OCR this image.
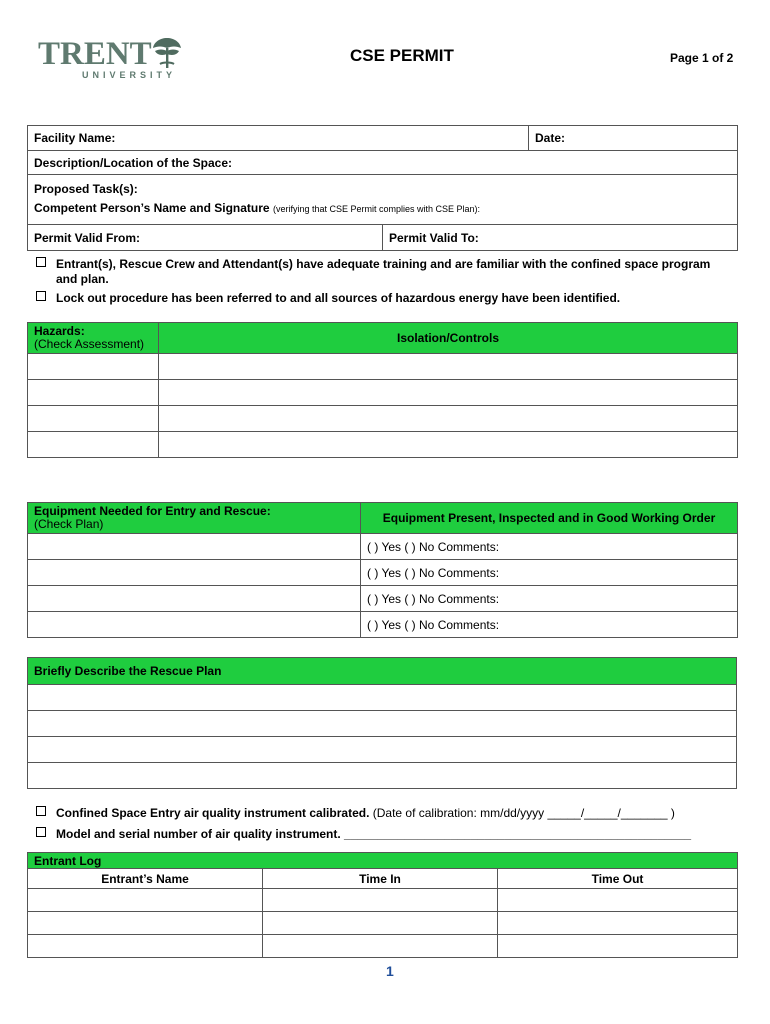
TRENT
UNIVERSITY
CSE PERMIT	Page 1 of 2
Facility Name:		Date:
Description/Location of the Space:		

Proposed Task(s):
Competent Person’s Name and Signature (verifying that CSE Permit complies with CSE Plan):		

Permit Valid From:	Permit Valid To:	
Entrant(s), Rescue Crew and Attendant(s) have adequate training and are familiar with the confined space program
and plan.
Lock out procedure has been referred to and all sources of hazardous energy have been identified.
Hazards:
(Check Assessment)	Isolation/Controls

Equipment Needed for Entry and Rescue:
(Check Plan)	Equipment Present, Inspected and in Good Working Order
	( ) Yes ( ) No Comments:
	( ) Yes ( ) No Comments:
	( ) Yes ( ) No Comments:
	( ) Yes ( ) No Comments:
Briefly Describe the Rescue Plan

Confined Space Entry air quality instrument calibrated. (Date of calibration: mm/dd/yyyy _____/_____/_______ )
Model and serial number of air quality instrument. ____________________________________________________
Entrant Log		
Entrant’s Name	Time In	Time Out

1
